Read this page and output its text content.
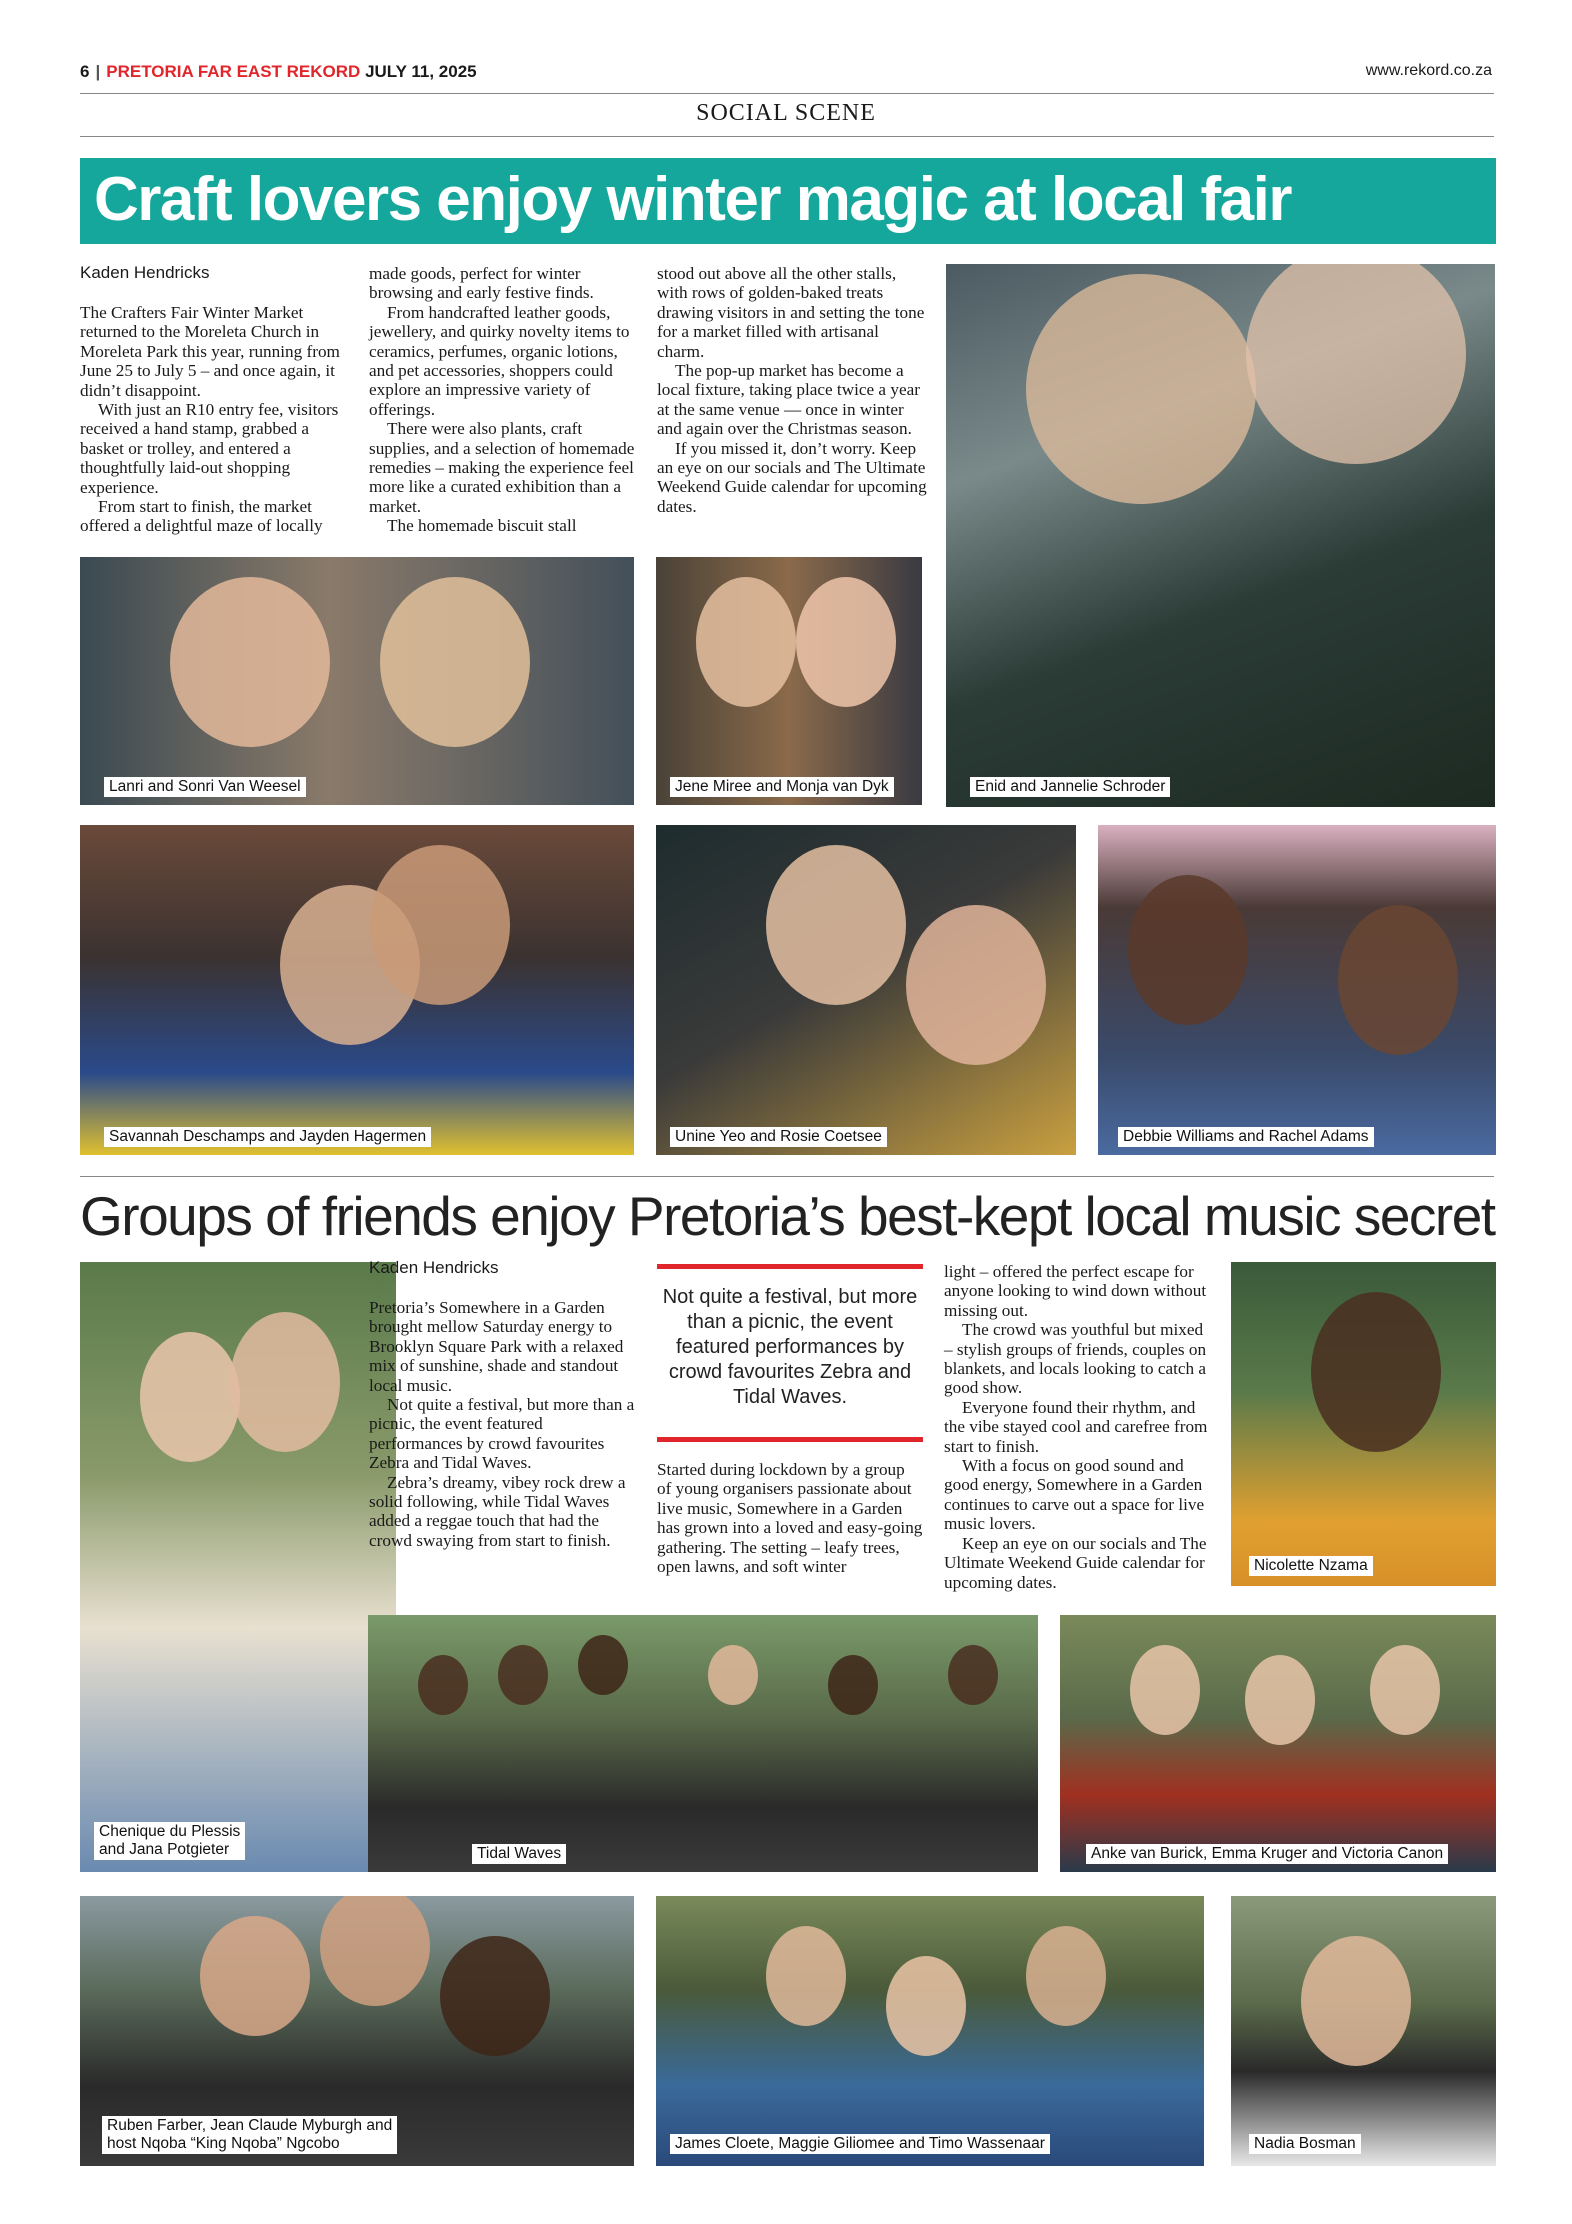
6 | PRETORIA FAR EAST REKORD JULY 11, 2025	www.rekord.co.za
SOCIAL SCENE
Craft lovers enjoy winter magic at local fair
Kaden Hendricks

The Crafters Fair Winter Market returned to the Moreleta Church in Moreleta Park this year, running from June 25 to July 5 – and once again, it didn’t disappoint.

With just an R10 entry fee, visitors received a hand stamp, grabbed a basket or trolley, and entered a thoughtfully laid-out shopping experience.

From start to finish, the market offered a delightful maze of locally

made goods, perfect for winter browsing and early festive finds.

From handcrafted leather goods, jewellery, and quirky novelty items to ceramics, perfumes, organic lotions, and pet accessories, shoppers could explore an impressive variety of offerings.

There were also plants, craft supplies, and a selection of homemade remedies – making the experience feel more like a curated exhibition than a market.

The homemade biscuit stall

stood out above all the other stalls, with rows of golden-baked treats drawing visitors in and setting the tone for a market filled with artisanal charm.

The pop-up market has become a local fixture, taking place twice a year at the same venue — once in winter and again over the Christmas season.

If you missed it, don’t worry. Keep an eye on our socials and The Ultimate Weekend Guide calendar for upcoming dates.

Enid and Jannelie Schroder
Lanri and Sonri Van Weesel	Jene Miree and Monja van Dyk
Savannah Deschamps and Jayden Hagermen	Unine Yeo and Rosie Coetsee	Debbie Williams and Rachel Adams
Groups of friends enjoy Pretoria’s best-kept local music secret
Chenique du Plessis
and Jana Potgieter
Kaden Hendricks

Pretoria’s Somewhere in a Garden brought mellow Saturday energy to Brooklyn Square Park with a relaxed mix of sunshine, shade and standout local music.

Not quite a festival, but more than a picnic, the event featured performances by crowd favourites Zebra and Tidal Waves.

Zebra’s dreamy, vibey rock drew a solid following, while Tidal Waves added a reggae touch that had the crowd swaying from start to finish.

Not quite a festival, but more than a picnic, the event featured performances by crowd favourites Zebra and Tidal Waves.

Started during lockdown by a group of young organisers passionate about live music, Somewhere in a Garden has grown into a loved and easy-going gathering. The setting – leafy trees, open lawns, and soft winter

light – offered the perfect escape for anyone looking to wind down without missing out.

The crowd was youthful but mixed – stylish groups of friends, couples on blankets, and locals looking to catch a good show.

Everyone found their rhythm, and the vibe stayed cool and carefree from start to finish.

With a focus on good sound and good energy, Somewhere in a Garden continues to carve out a space for live music lovers.

Keep an eye on our socials and The Ultimate Weekend Guide calendar for upcoming dates.

Nicolette Nzama
Tidal Waves	Anke van Burick, Emma Kruger and Victoria Canon
Ruben Farber, Jean Claude Myburgh and
host Nqoba “King Nqoba” Ngcobo	James Cloete, Maggie Giliomee and Timo Wassenaar	Nadia Bosman
